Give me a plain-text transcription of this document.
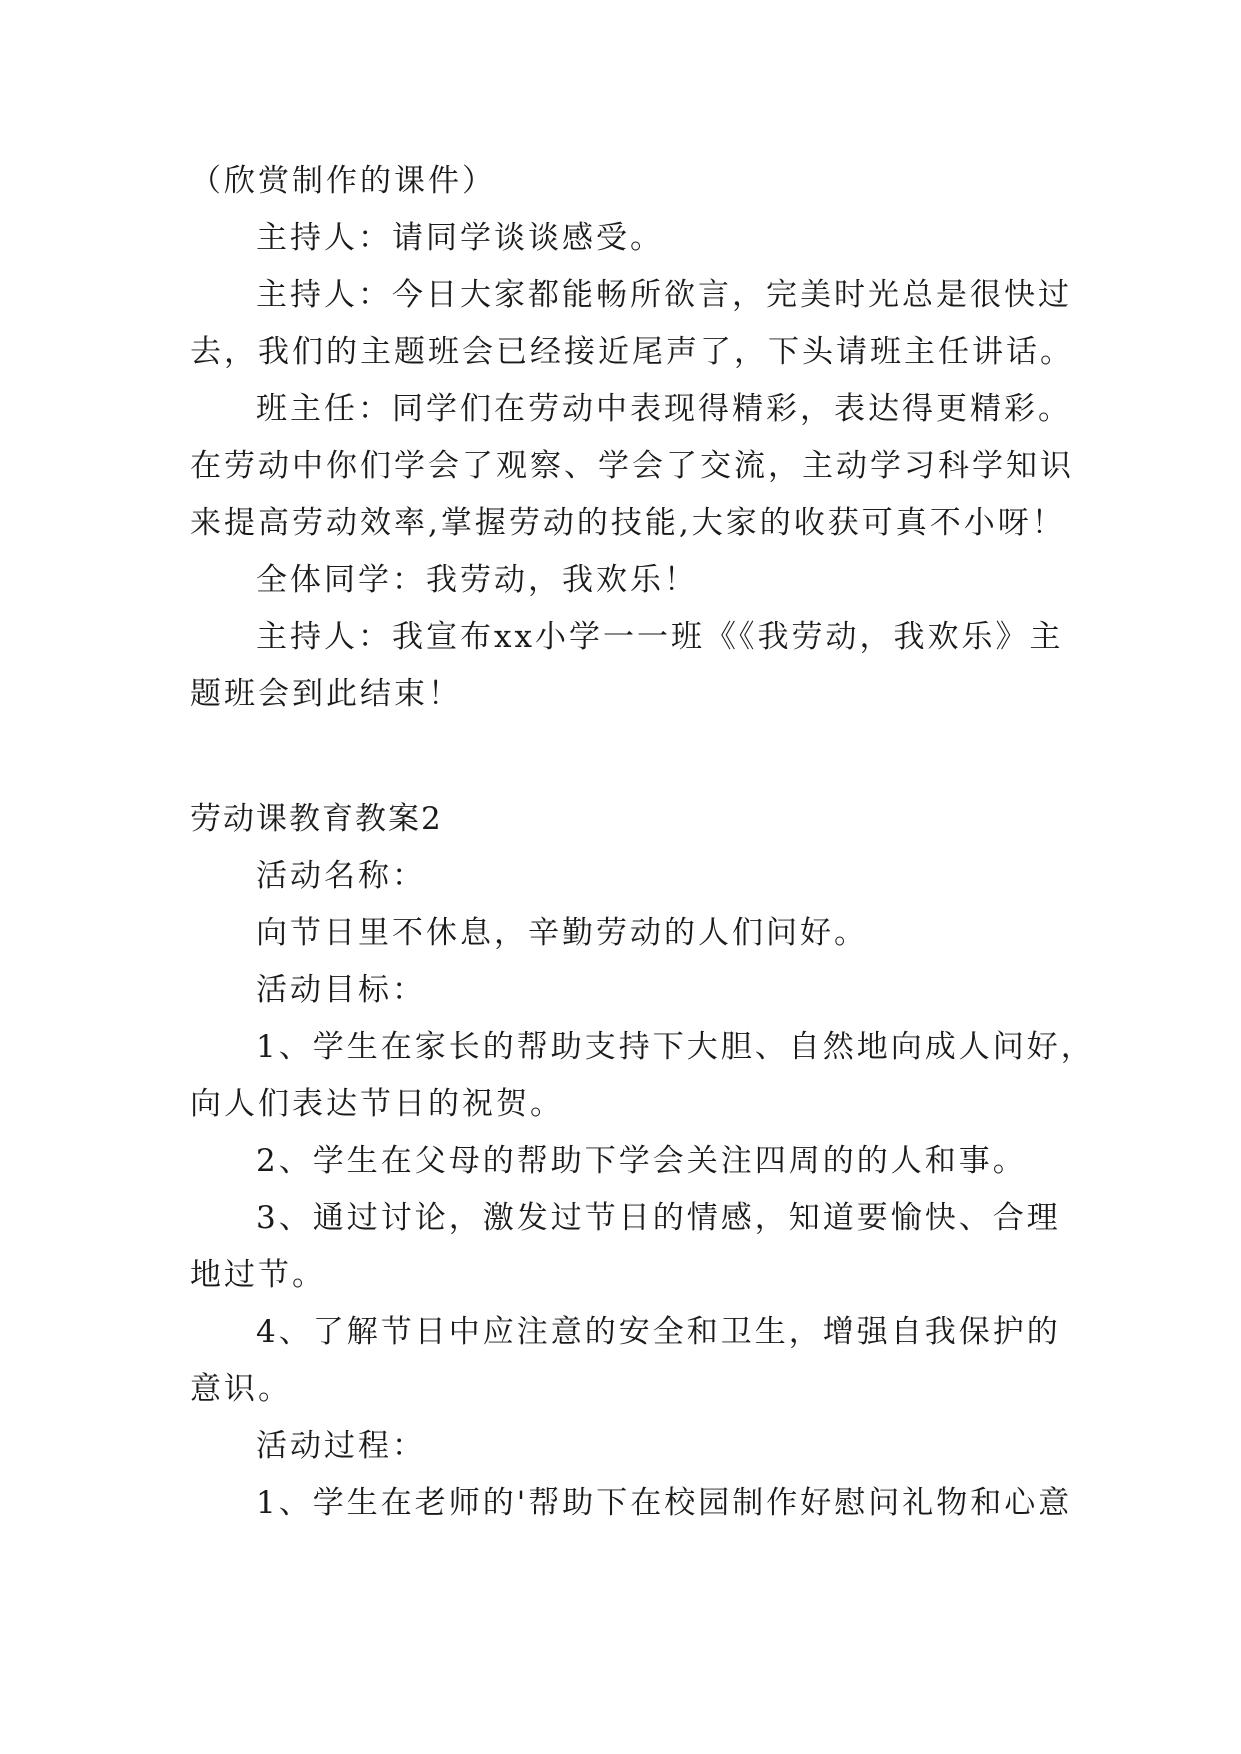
（欣赏制作的课件）
主持人：请同学谈谈感受。
主持人：今日大家都能畅所欲言，完美时光总是很快过
去，我们的主题班会已经接近尾声了，下头请班主任讲话。
班主任：同学们在劳动中表现得精彩，表达得更精彩。
在劳动中你们学会了观察、学会了交流，主动学习科学知识
来提高劳动效率,掌握劳动的技能,大家的收获可真不小呀！
全体同学：我劳动，我欢乐！
主持人：我宣布xx小学一一班《《我劳动，我欢乐》主
题班会到此结束！
劳动课教育教案2
活动名称：
向节日里不休息，辛勤劳动的人们问好。
活动目标：
1、学生在家长的帮助支持下大胆、自然地向成人问好，
向人们表达节日的祝贺。
2、学生在父母的帮助下学会关注四周的的人和事。
3、通过讨论，激发过节日的情感，知道要愉快、合理
地过节。
4、了解节日中应注意的安全和卫生，增强自我保护的
意识。
活动过程：
1、学生在老师的'帮助下在校园制作好慰问礼物和心意
